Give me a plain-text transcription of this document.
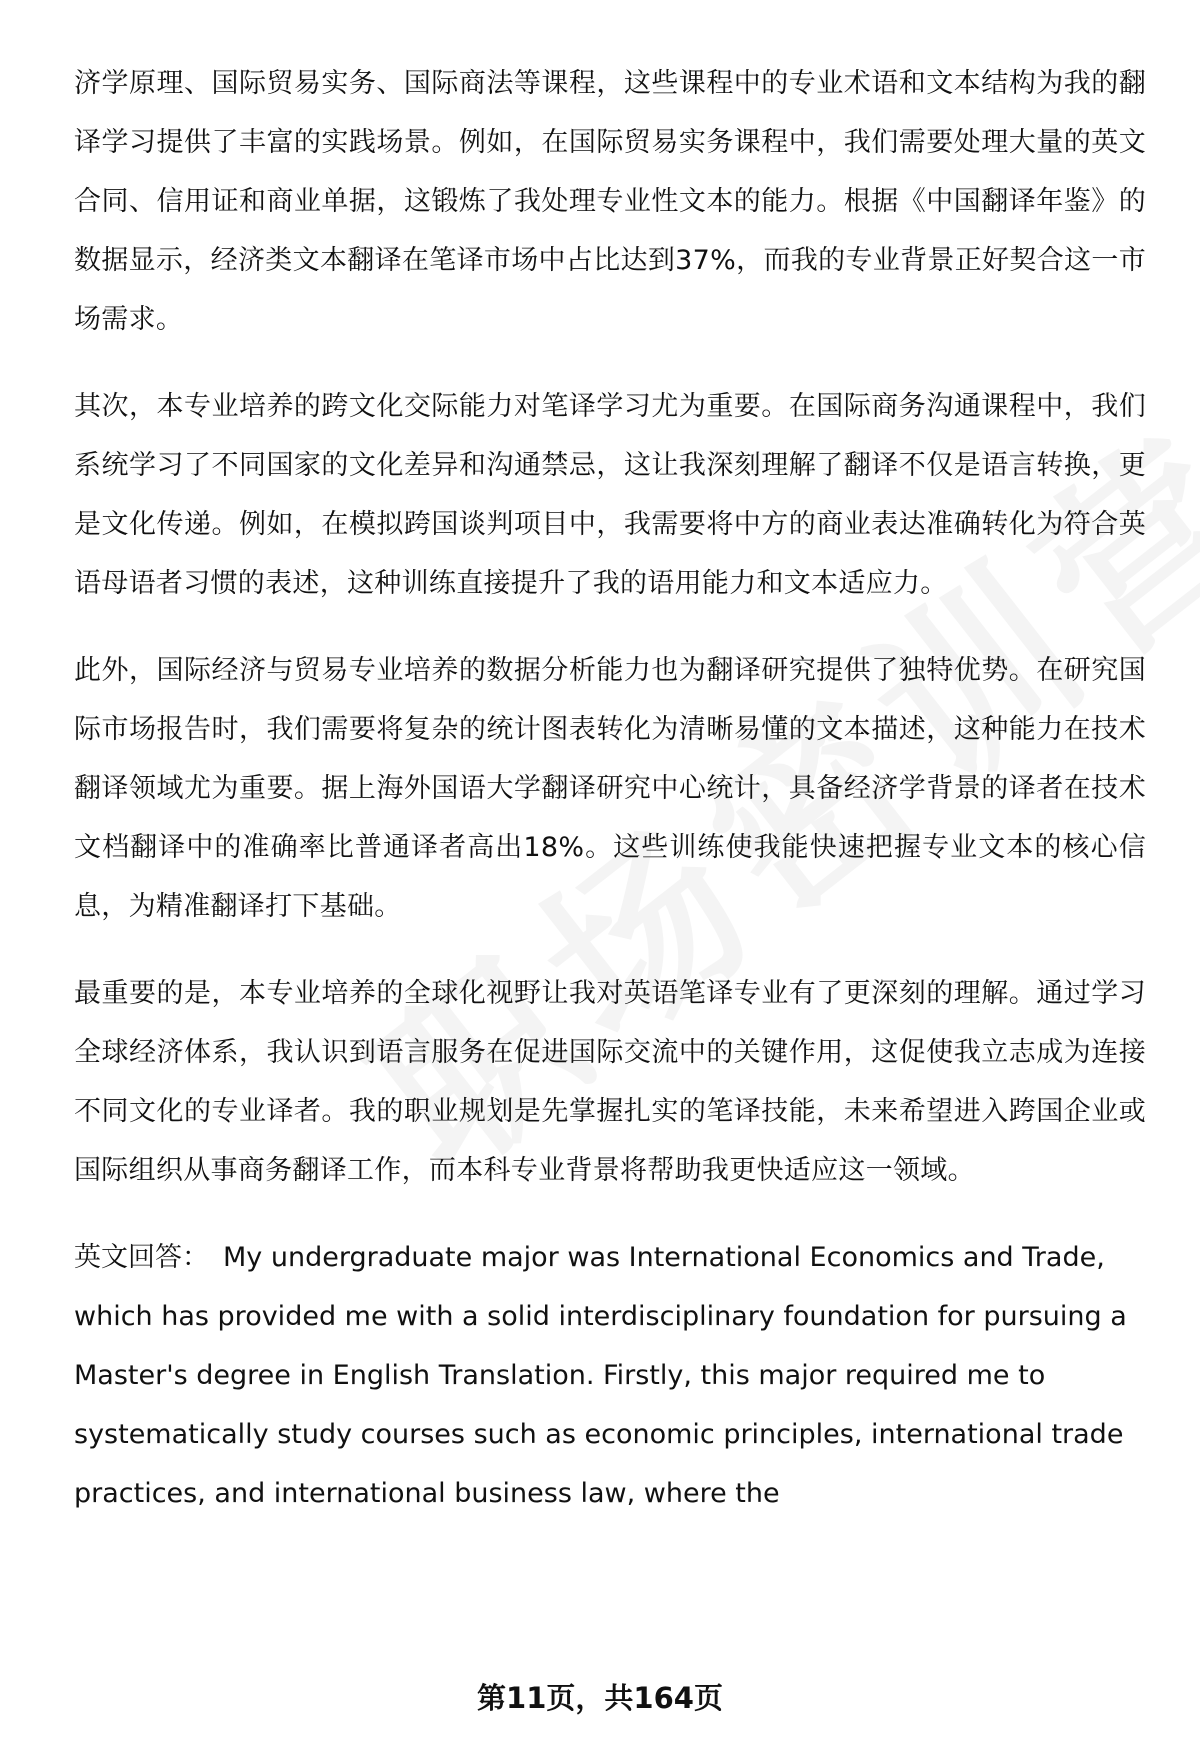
济学原理、国际贸易实务、国际商法等课程，这些课程中的专业术语和文本结构为我的翻译学习提供了丰富的实践场景。例如，在国际贸易实务课程中，我们需要处理大量的英文合同、信用证和商业单据，这锻炼了我处理专业性文本的能力。根据《中国翻译年鉴》的数据显示，经济类文本翻译在笔译市场中占比达到37%，而我的专业背景正好契合这一市场需求。

其次，本专业培养的跨文化交际能力对笔译学习尤为重要。在国际商务沟通课程中，我们系统学习了不同国家的文化差异和沟通禁忌，这让我深刻理解了翻译不仅是语言转换，更是文化传递。例如，在模拟跨国谈判项目中，我需要将中方的商业表达准确转化为符合英语母语者习惯的表述，这种训练直接提升了我的语用能力和文本适应力。

此外，国际经济与贸易专业培养的数据分析能力也为翻译研究提供了独特优势。在研究国际市场报告时，我们需要将复杂的统计图表转化为清晰易懂的文本描述，这种能力在技术翻译领域尤为重要。据上海外国语大学翻译研究中心统计，具备经济学背景的译者在技术文档翻译中的准确率比普通译者高出18%。这些训练使我能快速把握专业文本的核心信息，为精准翻译打下基础。

最重要的是，本专业培养的全球化视野让我对英语笔译专业有了更深刻的理解。通过学习全球经济体系，我认识到语言服务在促进国际交流中的关键作用，这促使我立志成为连接不同文化的专业译者。我的职业规划是先掌握扎实的笔译技能，未来希望进入跨国企业或国际组织从事商务翻译工作，而本科专业背景将帮助我更快适应这一领域。

英文回答： My undergraduate major was International Economics and Trade, which has provided me with a solid interdisciplinary foundation for pursuing a Master's degree in English Translation. Firstly, this major required me to systematically study courses such as economic principles, international trade practices, and international business law, where the

第11页，共164页
